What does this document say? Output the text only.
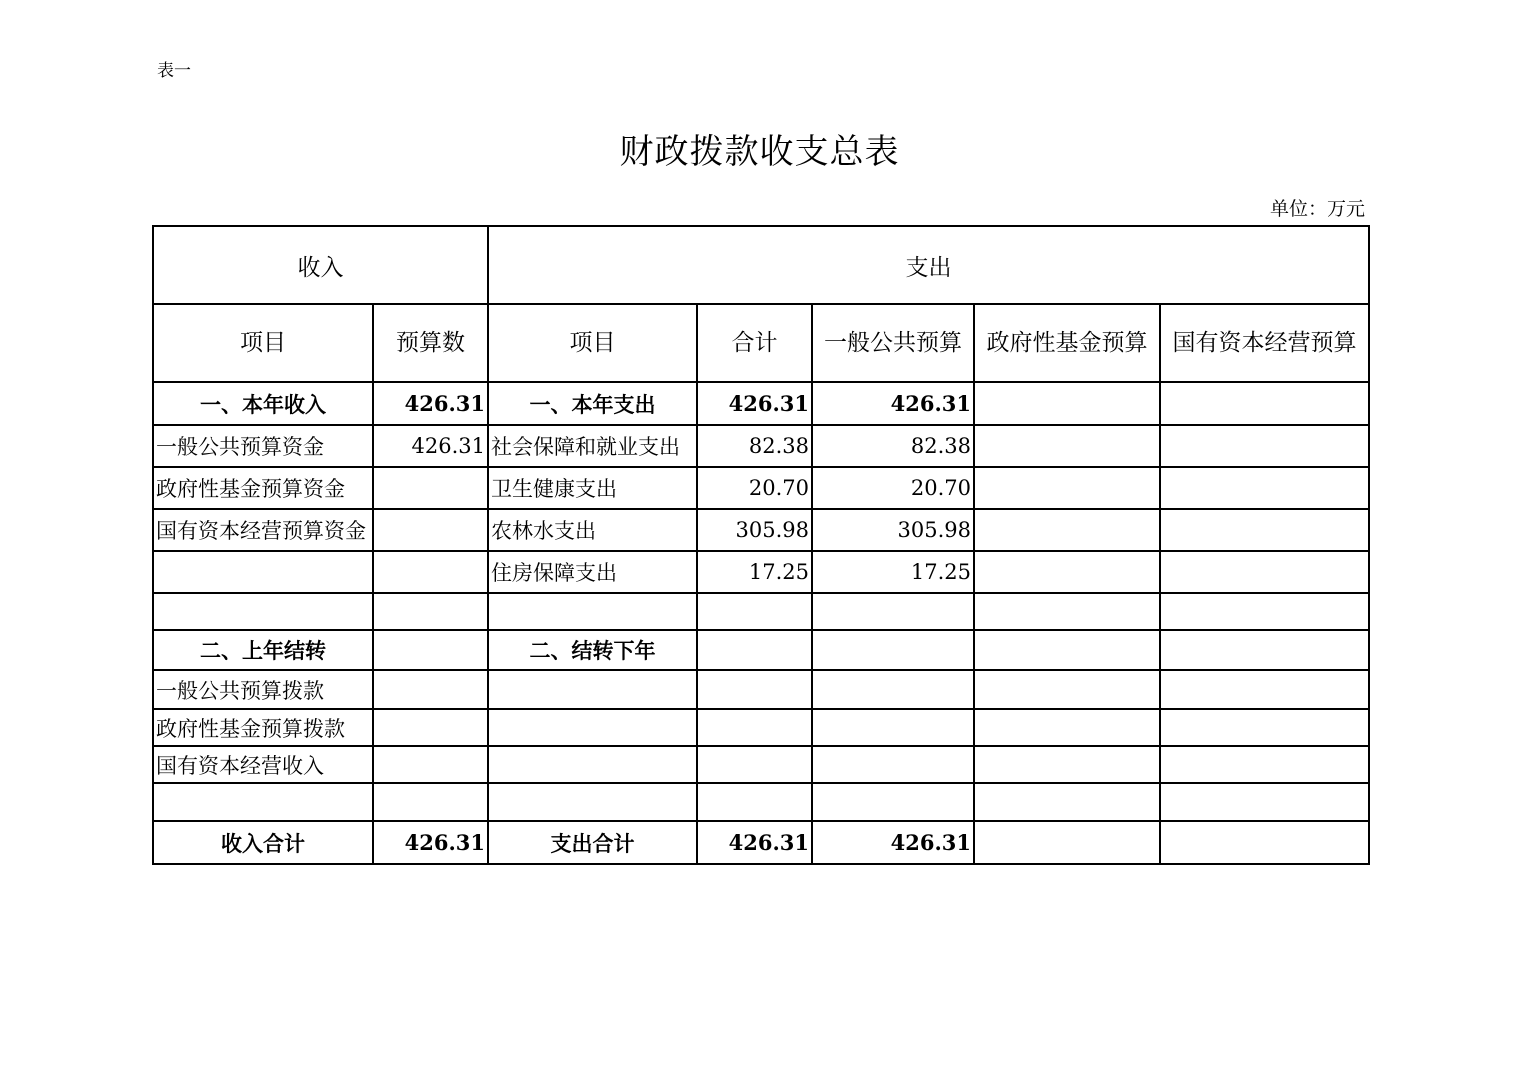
表一
财政拨款收支总表
单位：万元
收入		支出				
项目	预算数	项目	合计	一般公共预算	政府性基金预算	国有资本经营预算
一、本年收入	426.31	一、本年支出	426.31	426.31		
一般公共预算资金	426.31	社会保障和就业支出	82.38	82.38		
政府性基金预算资金		卫生健康支出	20.70	20.70		
国有资本经营预算资金		农林水支出	305.98	305.98		
		住房保障支出	17.25	17.25		

二、上年结转		二、结转下年				
一般公共预算拨款						
政府性基金预算拨款						
国有资本经营收入						

收入合计	426.31	支出合计	426.31	426.31		
